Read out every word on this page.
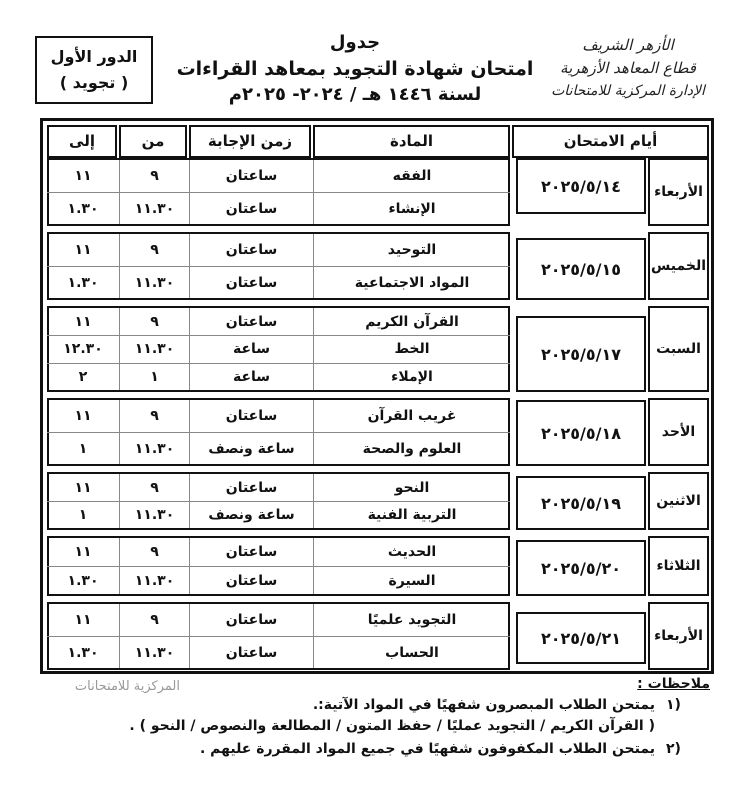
الدور الأول
( تجويد )
جدول
امتحان شهادة التجويد بمعاهد القراءات
لسنة ١٤٤٦ هـ / ٢٠٢٤- ٢٠٢٥م
الأزهر الشريف
قطاع المعاهد الأزهرية
الإدارة المركزية للامتحانات
إلى	من	زمن الإجابة	المادة	أيام الامتحان
١١	٩	ساعتان	الفقه
١.٣٠	١١.٣٠	ساعتان	الإنشاء
٢٠٢٥/٥/١٤	الأربعاء
١١	٩	ساعتان	التوحيد
١.٣٠	١١.٣٠	ساعتان	المواد الاجتماعية
٢٠٢٥/٥/١٥	الخميس
١١	٩	ساعتان	القرآن الكريم
١٢.٣٠	١١.٣٠	ساعة	الخط
٢	١	ساعة	الإملاء
٢٠٢٥/٥/١٧	السبت
١١	٩	ساعتان	غريب القرآن
١	١١.٣٠	ساعة ونصف	العلوم والصحة
٢٠٢٥/٥/١٨	الأحد
١١	٩	ساعتان	النحو
١	١١.٣٠	ساعة ونصف	التربية الفنية
٢٠٢٥/٥/١٩	الاثنين
١١	٩	ساعتان	الحديث
١.٣٠	١١.٣٠	ساعتان	السيرة
٢٠٢٥/٥/٢٠	الثلاثاء
١١	٩	ساعتان	التجويد علميًا
١.٣٠	١١.٣٠	ساعتان	الحساب
٢٠٢٥/٥/٢١	الأربعاء
المركزية للامتحانات	ملاحظات :
١)
يمتحن الطلاب المبصرون شفهيًا في المواد الآتية:.
( القرآن الكريم / التجويد عمليًا / حفظ المتون / المطالعة والنصوص / النحو ) .
٢)
يمتحن الطلاب المكفوفون شفهيًا في جميع المواد المقررة عليهم .
